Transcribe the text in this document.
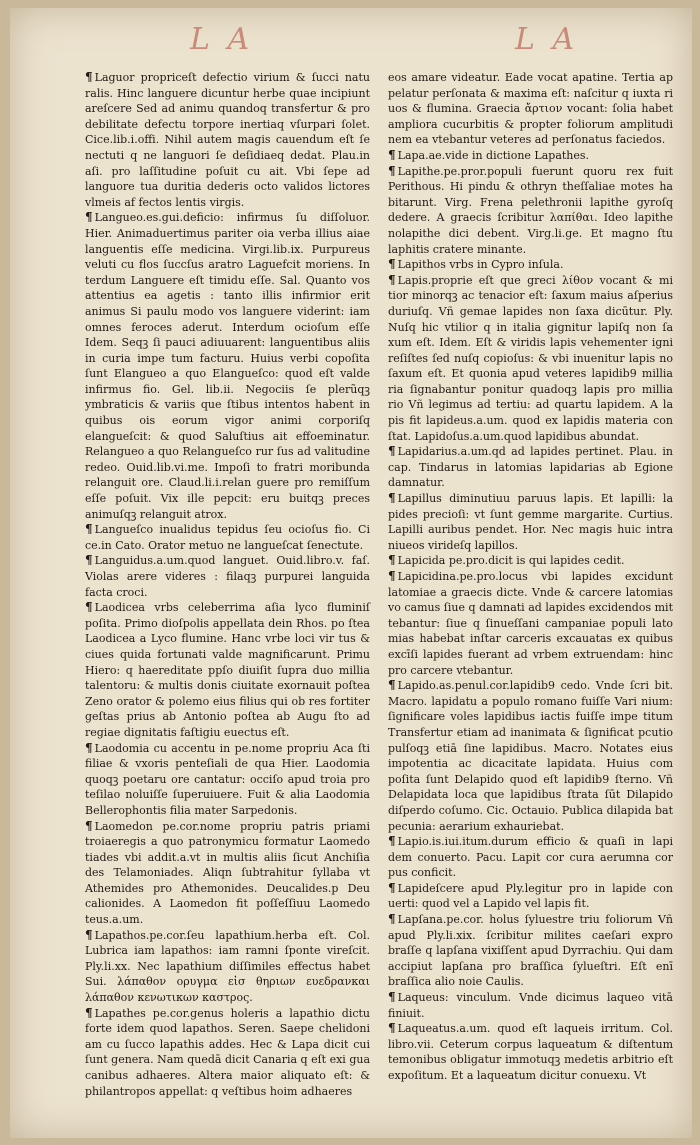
L A	L A

¶Laguor propriceſt defectio virium & ſucci natu ralis. Hinc languere dicuntur herbe quae incipiunt areſcere Sed ad animu quandoq transfertur & pro debilitate defectu torpore inertiaq vſurpari ſolet. Cice.lib.i.offi. Nihil autem magis cauendum eſt ſe nectuti q ne languori ſe deſidiaeq dedat. Plau.in aſi. pro laſſitudine poſuit cu ait. Vbi ſepe ad languore tua duritia dederis octo validos lictores vlmeis af fectos lentis virgis.

¶Langueo.es.gui.deficio: infirmus ſu diſſoluor. Hier. Animaduertimus pariter oia verba illius aiae languentis eſſe medicina. Virgi.lib.ix. Purpureus veluti cu flos ſuccſus aratro Laguefcit moriens. In terdum Languere eſt timidu eſſe. Sal. Quanto vos attentius ea agetis : tanto illis infirmior erit animus Si paulu modo vos languere viderint: iam omnes feroces aderut. Interdum ocioſum eſſe Idem. Seqꝫ ſi pauci adiuuarent: languentibus aliis in curia impe tum facturu. Huius verbi copoſita ſunt Elangueo a quo Elangueſco: quod eſt valde infirmus fio. Gel. lib.ii. Negociis ſe plerũqꝫ ymbraticis & variis que ſtibus intentos habent in quibus ois eorum vigor animi corporiſq elangueſcit: & quod Saluſtius ait effoeminatur. Relangueo a quo Relangueſco rur ſus ad valitudine redeo. Ouid.lib.vi.me. Impoſi to fratri moribunda relanguit ore. Claud.li.i.relan guere pro remiſſum eſſe poſuit. Vix ille pepcit: eru buitqꝫ preces animuſqꝫ relanguit atrox.

¶Langueſco inualidus tepidus ſeu ocioſus fio. Ci ce.in Cato. Orator metuo ne langueſcat ſenectute.

¶Languidus.a.um.quod languet. Ouid.libro.v. faſ. Violas arere videres : filaqꝫ purpurei languida facta croci.

¶Laodicea vrbs celeberrima aſia lyco fluminiſ poſita. Primo dioſpolis appellata dein Rhos. po ſtea Laodicea a Lyco flumine. Hanc vrbe loci vir tus & ciues quida fortunati valde magnificarunt. Primu Hiero: q haereditate ppſo diuiſit ſupra duo millia talentoru: & multis donis ciuitate exornauit poſtea Zeno orator & polemo eius filius qui ob res fortiter geſtas prius ab Antonio poſtea ab Augu ſto ad regiae dignitatis faſtigiu euectus eſt.

¶Laodomia cu accentu in pe.nome propriu Aca ſti filiae & vxoris penteſiali de qua Hier. Laodomia quoqꝫ poetaru ore cantatur: occiſo apud troia pro teſilao noluiſſe ſuperuiuere. Fuit & alia Laodomia Bellerophontis filia mater Sarpedonis.

¶Laomedon pe.cor.nome propriu patris priami troiaeregis a quo patronymicu formatur Laomedo tiades vbi addit.a.vt in multis aliis ſicut Anchiſia des Telamoniades. Aliqn ſubtrahitur ſyllaba vt Athemides pro Athemonides. Deucalides.p Deu calionides. A Laomedon fit poſſeſſiuu Laomedo teus.a.um.

¶Lapathos.pe.cor.ſeu lapathium.herba eſt. Col. Lubrica iam lapathos: iam ramni ſponte vireſcit. Ply.li.xx. Nec lapathium diſſimiles effectus habet Sui. λάπαθον ορυγμα εἰσ θηριων ευεδρανκαι λάπαθον κενωτικων καστρος.

¶Lapathes pe.cor.genus holeris a lapathio dictu forte idem quod lapathos. Seren. Saepe chelidoni am cu ſucco lapathis addes. Hec & Lapa dicit cui ſunt genera. Nam quedā dicit Canaria q eſt exi gua canibus adhaeres. Altera maior aliquato eſt: & philantropos appellat: q veſtibus hoim adhaeres

eos amare videatur. Eade vocat apatine. Tertia ap pelatur perſonata & maxima eſt: naſcitur q iuxta ri uos & flumina. Graecia ἄρτιον vocant: ſolia habet ampliora cucurbitis & propter foliorum amplitudi nem ea vtebantur veteres ad perſonatus faciedos.

¶Lapa.ae.vide in dictione Lapathes.

¶Lapithe.pe.pror.populi fuerunt quoru rex fuit Perithous. Hi pindu & othryn theſſaliae motes ha bitarunt. Virg. Frena pelethronii lapithe gyroſq dedere. A graecis ſcribitur λαπίθαι. Ideo lapithe nolapithe dici debent. Virg.li.ge. Et magno ſtu laphitis cratere minante.

¶Lapithos vrbs in Cypro inſula.

¶Lapis.proprie eſt que greci λίθον vocant & mi tior minorqꝫ ac tenacior eſt: ſaxum maius aſperius duriuſq. Vñ gemae lapides non ſaxa dicūtur. Ply. Nuſq hic vtilior q in italia gignitur lapiſq non ſa xum eſt. Idem. Eſt & viridis lapis vehementer igni reſiſtes ſed nuſq copioſus: & vbi inuenitur lapis no ſaxum eſt. Et quonia apud veteres lapidib9 millia ria ſignabantur ponitur quadoqꝫ lapis pro millia rio Vñ legimus ad tertiu: ad quartu lapidem. A la pis fit lapideus.a.um. quod ex lapidis materia con ſtat. Lapidoſus.a.um.quod lapidibus abundat.

¶Lapidarius.a.um.qd ad lapides pertinet. Plau. in cap. Tindarus in latomias lapidarias ab Egione damnatur.

¶Lapillus diminutiuu paruus lapis. Et lapilli: la pides precioſi: vt ſunt gemme margarite. Curtius. Lapilli auribus pendet. Hor. Nec magis huic intra niueos virideſq lapillos.

¶Lapicida pe.pro.dicit is qui lapides cedit.

¶Lapicidina.pe.pro.locus vbi lapides excidunt latomiae a graecis dicte. Vnde & carcere latomias vo camus ſiue q damnati ad lapides excidendos mit tebantur: ſiue q ſinueſſani campaniae populi lato mias habebat inſtar carceris excauatas ex quibus excīſi lapides fuerant ad vrbem extruendam: hinc pro carcere vtebantur.

¶Lapido.as.penul.cor.lapidib9 cedo. Vnde ſcri bit. Macro. lapidatu a populo romano fuiſſe Vari nium: ſignificare voles lapidibus iactis fuiſſe impe titum Transfertur etiam ad inanimata & ſignificat pcutio pulſoqꝫ etiā ſine lapidibus. Macro. Notates eius impotentia ac dicacitate lapidata. Huius com poſita ſunt Delapido quod eſt lapidib9 ſterno. Vñ Delapidata loca que lapidibus ſtrata ſūt Dilapido diſperdo coſumo. Cic. Octauio. Publica dilapida bat pecunia: aerarium exhauriebat.

¶Lapio.is.iui.itum.durum efficio & quaſi in lapi dem conuerto. Pacu. Lapit cor cura aerumna cor pus conficit.

¶Lapideſcere apud Ply.legitur pro in lapide con uerti: quod vel a Lapido vel lapis fit.

¶Lapſana.pe.cor. holus ſyluestre triu foliorum Vñ apud Ply.li.xix. ſcribitur milites caeſari expro braſſe q lapſana vixiſſent apud Dyrrachiu. Qui dam accipiut lapſana pro braſſica ſylueſtri. Eſt enī braſſica alio noie Caulis.

¶Laqueus: vinculum. Vnde dicimus laqueo vitā finiuit.

¶Laqueatus.a.um. quod eſt laqueis irritum. Col. libro.vii. Ceterum corpus laqueatum & diſtentum temonibus obligatur immotuqꝫ medetis arbitrio eſt expoſitum. Et a laqueatum dicitur conuexu. Vt
